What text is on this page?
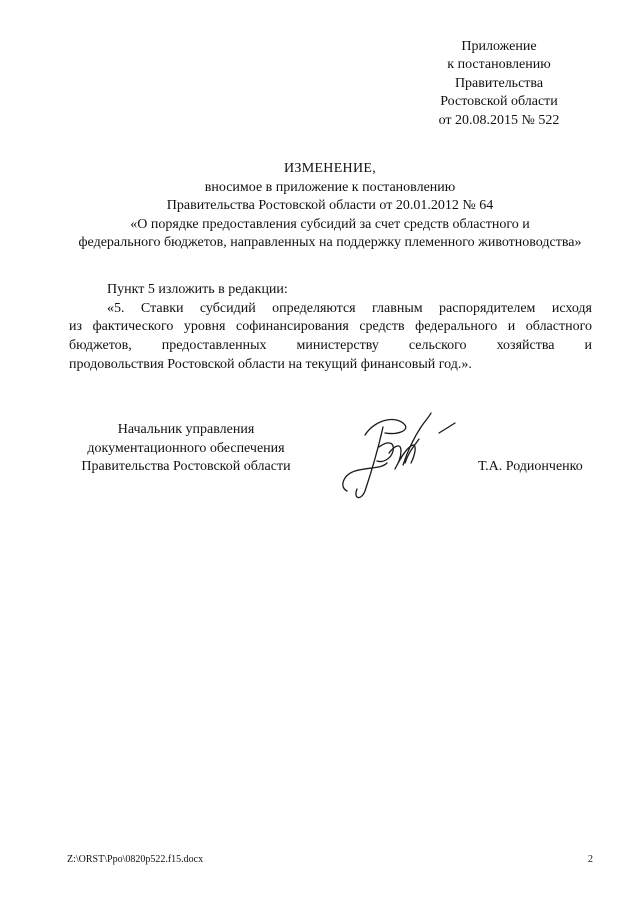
Приложение
к постановлению
Правительства
Ростовской области
от 20.08.2015 № 522
ИЗМЕНЕНИЕ,
вносимое в приложение к постановлению
Правительства Ростовской области от 20.01.2012 № 64
«О порядке предоставления субсидий за счет средств областного и
федерального бюджетов, направленных на поддержку племенного животноводства»
Пункт 5 изложить в редакции:
«5. Ставки субсидий определяются главным распорядителем исходя
из фактического уровня софинансирования средств федерального и областного
бюджетов, предоставленных министерству сельского хозяйства и
продовольствия Ростовской области на текущий финансовый год.».
Начальник управления
документационного обеспечения
Правительства Ростовской области	Т.А. Родионченко
Z:\ORST\Ppo\0820p522.f15.docx	2
